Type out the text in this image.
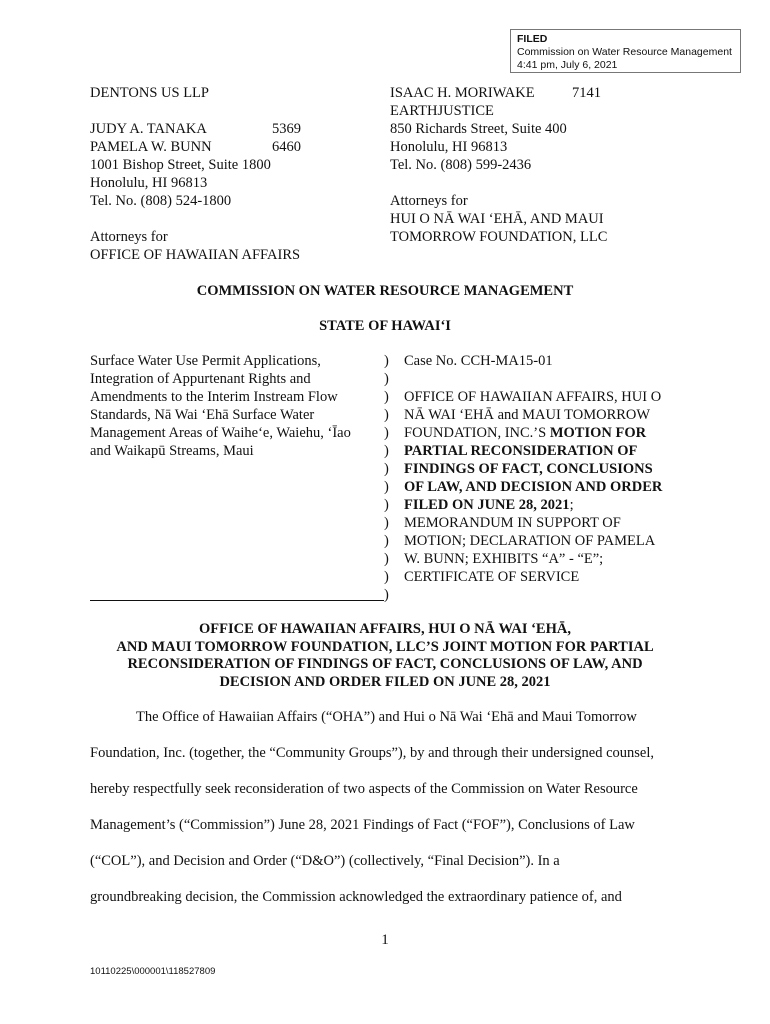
FILED
Commission on Water Resource Management
4:41 pm, July 6, 2021
DENTONS US LLP
JUDY A. TANAKA	5369
PAMELA W. BUNN	6460
1001 Bishop Street, Suite 1800
Honolulu, HI 96813
Tel. No. (808) 524-1800
Attorneys for
OFFICE OF HAWAIIAN AFFAIRS
ISAAC H. MORIWAKE	7141
EARTHJUSTICE
850 Richards Street, Suite 400
Honolulu, HI 96813
Tel. No. (808) 599-2436
Attorneys for
HUI O NĀ WAI ‘EHĀ, AND MAUI
TOMORROW FOUNDATION, LLC
COMMISSION ON WATER RESOURCE MANAGEMENT
STATE OF HAWAI‘I
Surface Water Use Permit Applications,
Integration of Appurtenant Rights and
Amendments to the Interim Instream Flow
Standards, Nā Wai ‘Ehā Surface Water
Management Areas of Waihe‘e, Waiehu, ‘Īao
and Waikapū Streams, Maui
)
)
)
)
)
)
)
)
)
)
)
)
)
)
Case No. CCH-MA15-01
OFFICE OF HAWAIIAN AFFAIRS, HUI O
NĀ WAI ‘EHĀ and MAUI TOMORROW
FOUNDATION, INC.’S MOTION FOR
PARTIAL RECONSIDERATION OF
FINDINGS OF FACT, CONCLUSIONS
OF LAW, AND DECISION AND ORDER
FILED ON JUNE 28, 2021;
MEMORANDUM IN SUPPORT OF
MOTION; DECLARATION OF PAMELA
W. BUNN; EXHIBITS “A” - “E”;
CERTIFICATE OF SERVICE
OFFICE OF HAWAIIAN AFFAIRS, HUI O NĀ WAI ‘EHĀ,
AND MAUI TOMORROW FOUNDATION, LLC’S JOINT MOTION FOR PARTIAL
RECONSIDERATION OF FINDINGS OF FACT, CONCLUSIONS OF LAW, AND
DECISION AND ORDER FILED ON JUNE 28, 2021
The Office of Hawaiian Affairs (“OHA”) and Hui o Nā Wai ‘Ehā and Maui Tomorrow
Foundation, Inc. (together, the “Community Groups”), by and through their undersigned counsel,
hereby respectfully seek reconsideration of two aspects of the Commission on Water Resource
Management’s (“Commission”) June 28, 2021 Findings of Fact (“FOF”), Conclusions of Law
(“COL”), and Decision and Order (“D&O”) (collectively, “Final Decision”). In a
groundbreaking decision, the Commission acknowledged the extraordinary patience of, and
1
10110225\000001\118527809
